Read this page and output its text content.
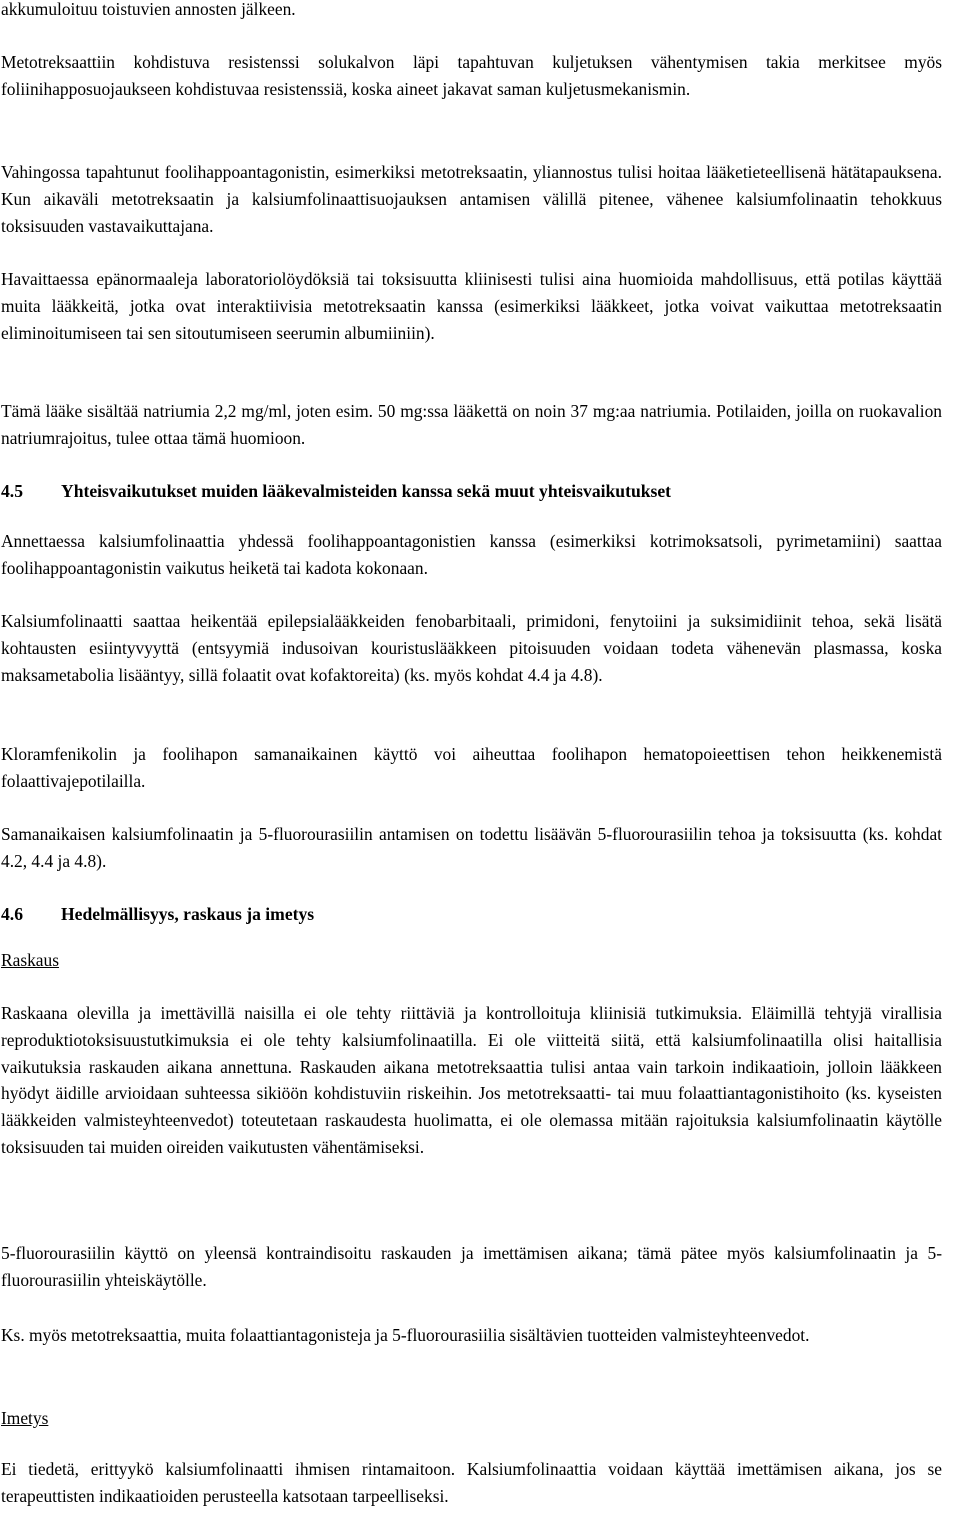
akkumuloituu toistuvien annosten jälkeen.

Metotreksaattiin kohdistuva resistenssi solukalvon läpi tapahtuvan kuljetuksen vähentymisen takia merkitsee myös foliinihapposuojaukseen kohdistuvaa resistenssiä, koska aineet jakavat saman kuljetusmekanismin.

Vahingossa tapahtunut foolihappoantagonistin, esimerkiksi metotreksaatin, yliannostus tulisi hoitaa lääketieteellisenä hätätapauksena. Kun aikaväli metotreksaatin ja kalsiumfolinaattisuojauksen antamisen välillä pitenee, vähenee kalsiumfolinaatin tehokkuus toksisuuden vastavaikuttajana.

Havaittaessa epänormaaleja laboratoriolöydöksiä tai toksisuutta kliinisesti tulisi aina huomioida mahdollisuus, että potilas käyttää muita lääkkeitä, jotka ovat interaktiivisia metotreksaatin kanssa (esimerkiksi lääkkeet, jotka voivat vaikuttaa metotreksaatin eliminoitumiseen tai sen sitoutumiseen seerumin albumiiniin).

Tämä lääke sisältää natriumia 2,2 mg/ml, joten esim. 50 mg:ssa lääkettä on noin 37 mg:aa natriumia. Potilaiden, joilla on ruokavalion natriumrajoitus, tulee ottaa tämä huomioon.

4.5 Yhteisvaikutukset muiden lääkevalmisteiden kanssa sekä muut yhteisvaikutukset

Annettaessa kalsiumfolinaattia yhdessä foolihappoantagonistien kanssa (esimerkiksi kotrimoksatsoli, pyrimetamiini) saattaa foolihappoantagonistin vaikutus heiketä tai kadota kokonaan.

Kalsiumfolinaatti saattaa heikentää epilepsialääkkeiden fenobarbitaali, primidoni, fenytoiini ja suksimidiinit tehoa, sekä lisätä kohtausten esiintyvyyttä (entsyymiä indusoivan kouristuslääkkeen pitoisuuden voidaan todeta vähenevän plasmassa, koska maksametabolia lisääntyy, sillä folaatit ovat kofaktoreita) (ks. myös kohdat 4.4 ja 4.8).

Kloramfenikolin ja foolihapon samanaikainen käyttö voi aiheuttaa foolihapon hematopoieettisen tehon heikkenemistä folaattivajepotilailla.

Samanaikaisen kalsiumfolinaatin ja 5-fluorourasiilin antamisen on todettu lisäävän 5-fluorourasiilin tehoa ja toksisuutta (ks. kohdat 4.2, 4.4 ja 4.8).

4.6 Hedelmällisyys, raskaus ja imetys

Raskaus

Raskaana olevilla ja imettävillä naisilla ei ole tehty riittäviä ja kontrolloituja kliinisiä tutkimuksia. Eläimillä tehtyjä virallisia reproduktiotoksisuustutkimuksia ei ole tehty kalsiumfolinaatilla. Ei ole viitteitä siitä, että kalsiumfolinaatilla olisi haitallisia vaikutuksia raskauden aikana annettuna. Raskauden aikana metotreksaattia tulisi antaa vain tarkoin indikaatioin, jolloin lääkkeen hyödyt äidille arvioidaan suhteessa sikiöön kohdistuviin riskeihin. Jos metotreksaatti- tai muu folaattiantagonistihoito (ks. kyseisten lääkkeiden valmisteyhteenvedot) toteutetaan raskaudesta huolimatta, ei ole olemassa mitään rajoituksia kalsiumfolinaatin käytölle toksisuuden tai muiden oireiden vaikutusten vähentämiseksi.

5-fluorourasiilin käyttö on yleensä kontraindisoitu raskauden ja imettämisen aikana; tämä pätee myös kalsiumfolinaatin ja 5-fluorourasiilin yhteiskäytölle.

Ks. myös metotreksaattia, muita folaattiantagonisteja ja 5-fluorourasiilia sisältävien tuotteiden valmisteyhteenvedot.

Imetys

Ei tiedetä, erittyykö kalsiumfolinaatti ihmisen rintamaitoon. Kalsiumfolinaattia voidaan käyttää imettämisen aikana, jos se terapeuttisten indikaatioiden perusteella katsotaan tarpeelliseksi.
